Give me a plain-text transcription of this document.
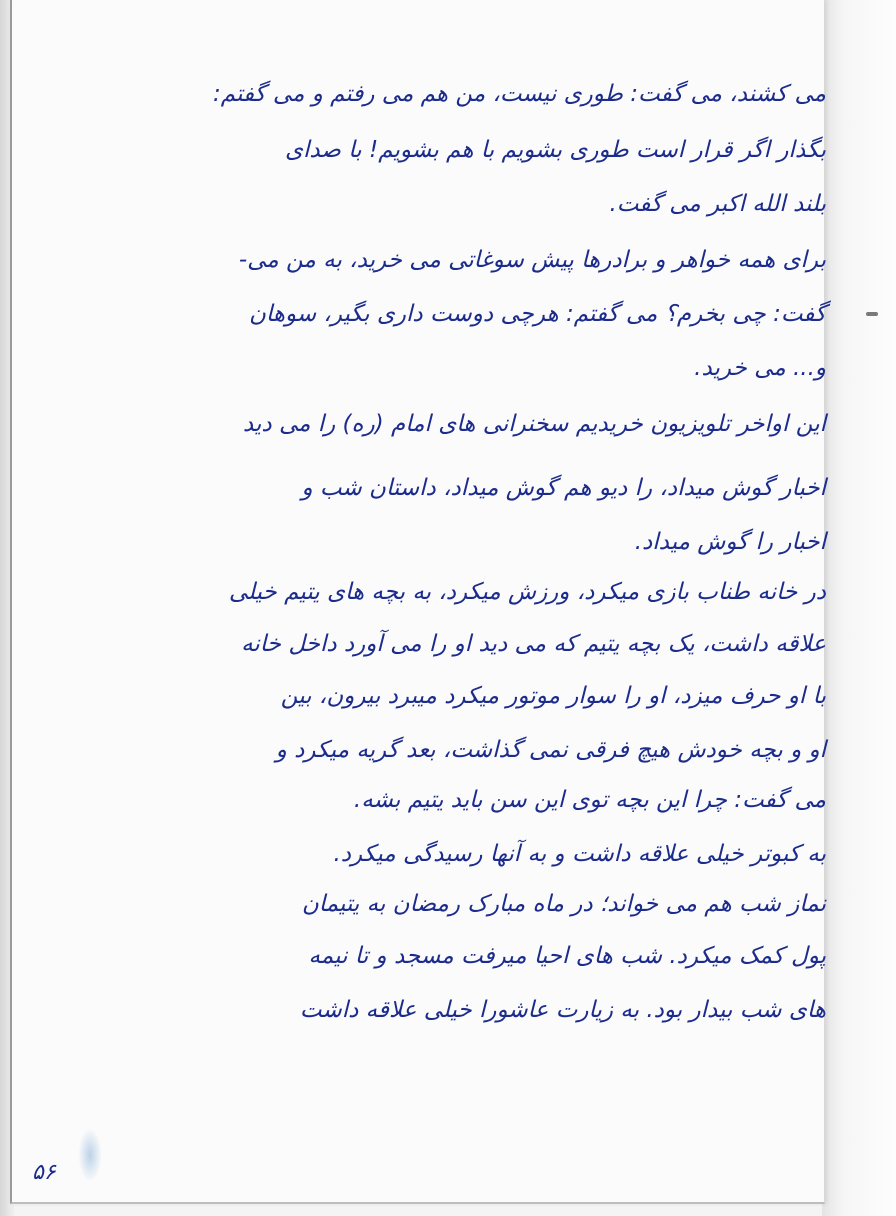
می کشند، می گفت: طوری نیست، من هم می رفتم و می گفتم:
بگذار اگر قرار است طوری بشویم با هم بشویم! با صدای
بلند الله اکبر می گفت.
برای همه خواهر و برادرها پیش سوغاتی می خرید، به من می-
گفت: چی بخرم؟ می گفتم: هرچی دوست داری بگیر، سوهان
و... می خرید.
این اواخر تلویزیون خریدیم سخنرانی های امام (ره) را می دید
اخبار گوش میداد، را دیو هم گوش میداد، داستان شب و
اخبار را گوش میداد.
در خانه طناب بازی میکرد، ورزش میکرد، به بچه های یتیم خیلی
علاقه داشت، یک بچه یتیم که می دید او را می آورد داخل خانه
با او حرف میزد، او را سوار موتور میکرد میبرد بیرون، بین
او و بچه خودش هیچ فرقی نمی گذاشت، بعد گریه میکرد و
می گفت: چرا این بچه توی این سن باید یتیم بشه.
به کبوتر خیلی علاقه داشت و به آنها رسیدگی میکرد.
نماز شب هم می خواند؛ در ماه مبارک رمضان به یتیمان
پول کمک میکرد. شب های احیا میرفت مسجد و تا نیمه
های شب بیدار بود. به زیارت عاشورا خیلی علاقه داشت
۵۶
